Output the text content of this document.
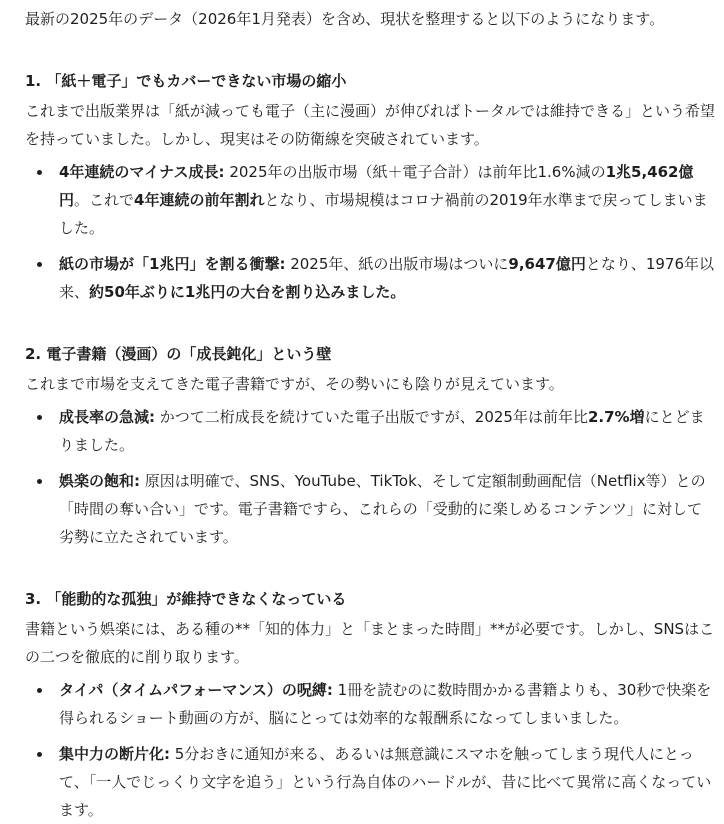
最新の2025年のデータ（2026年1月発表）を含め、現状を整理すると以下のようになります。

1. 「紙＋電子」でもカバーできない市場の縮小

これまで出版業界は「紙が減っても電子（主に漫画）が伸びればトータルでは維持できる」という希望を持っていました。しかし、現実はその防衛線を突破されています。

4年連続のマイナス成長: 2025年の出版市場（紙＋電子合計）は前年比1.6%減の1兆5,462億円。これで4年連続の前年割れとなり、市場規模はコロナ禍前の2019年水準まで戻ってしまいました。
紙の市場が「1兆円」を割る衝撃: 2025年、紙の出版市場はついに9,647億円となり、1976年以来、約50年ぶりに1兆円の大台を割り込みました。
2. 電子書籍（漫画）の「成長鈍化」という壁

これまで市場を支えてきた電子書籍ですが、その勢いにも陰りが見えています。

成長率の急減: かつて二桁成長を続けていた電子出版ですが、2025年は前年比2.7%増にとどまりました。
娯楽の飽和: 原因は明確で、SNS、YouTube、TikTok、そして定額制動画配信（Netflix等）との「時間の奪い合い」です。電子書籍ですら、これらの「受動的に楽しめるコンテンツ」に対して劣勢に立たされています。
3. 「能動的な孤独」が維持できなくなっている

書籍という娯楽には、ある種の**「知的体力」と「まとまった時間」**が必要です。しかし、SNSはこの二つを徹底的に削り取ります。

タイパ（タイムパフォーマンス）の呪縛: 1冊を読むのに数時間かかる書籍よりも、30秒で快楽を得られるショート動画の方が、脳にとっては効率的な報酬系になってしまいました。
集中力の断片化: 5分おきに通知が来る、あるいは無意識にスマホを触ってしまう現代人にとって、「一人でじっくり文字を追う」という行為自体のハードルが、昔に比べて異常に高くなっています。
